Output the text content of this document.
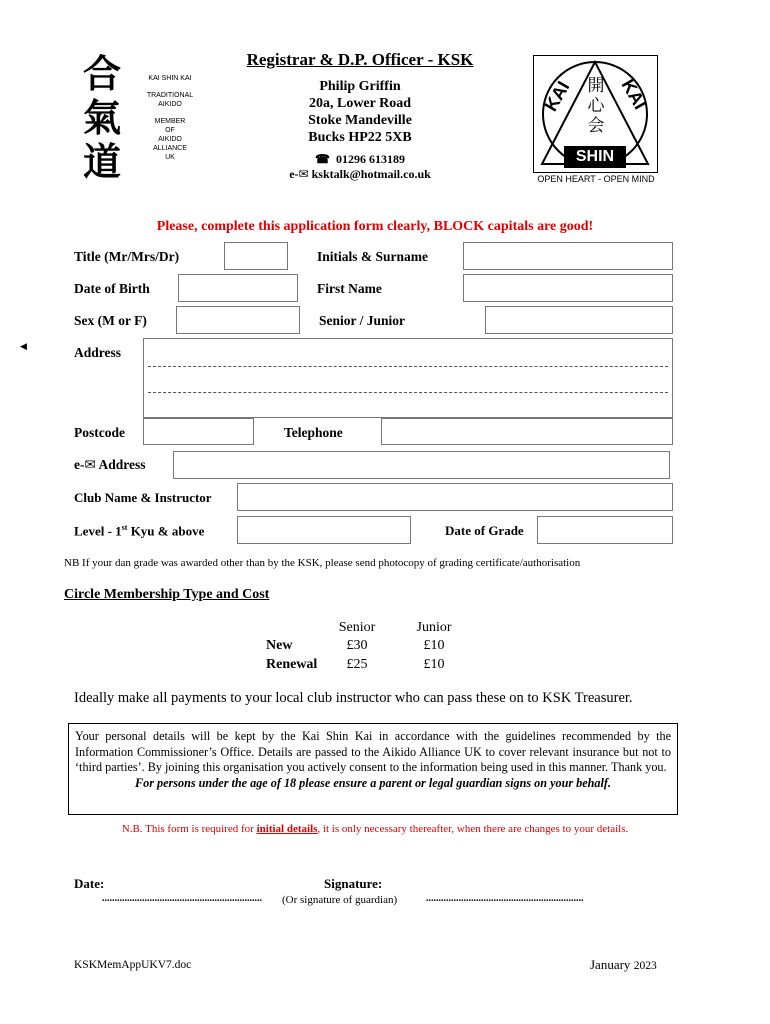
合
氣
道
KAI SHIN KAI
TRADITIONAL
AIKIDO
MEMBER
OF
AIKIDO
ALLIANCE
UK
Registrar & D.P. Officer - KSK
Philip Griffin
20a, Lower Road
Stoke Mandeville
Bucks HP22 5XB
☎ 01296 613189
e-✉ ksktalk@hotmail.co.uk
KAI KAI
開
心
会
SHIN
OPEN HEART - OPEN MIND
Please, complete this application form clearly, BLOCK capitals are good!
Title (Mr/Mrs/Dr)	Initials & Surname
Date of Birth	First Name
Sex (M or F)	Senior / Junior
◀	Address
Postcode	Telephone
e-✉ Address
Club Name & Instructor
Level - 1st Kyu & above	Date of Grade
NB If your dan grade was awarded other than by the KSK, please send photocopy of grading certificate/authorisation
Circle Membership Type and Cost
Senior	Junior
New	£30	£10
Renewal	£25	£10
Ideally make all payments to your local club instructor who can pass these on to KSK Treasurer.
Your personal details will be kept by the Kai Shin Kai in accordance with the guidelines recommended by the Information Commissioner’s Office. Details are passed to the Aikido Alliance UK to cover relevant insurance but not to ‘third parties’. By joining this organisation you actively consent to the information being used in this manner. Thank you.
For persons under the age of 18 please ensure a parent or legal guardian signs on your behalf.
N.B. This form is required for initial details, it is only necessary thereafter, when there are changes to your details.
Date:	Signature:
................................................................	(Or signature of guardian)	...............................................................
KSKMemAppUKV7.doc	January 2023
